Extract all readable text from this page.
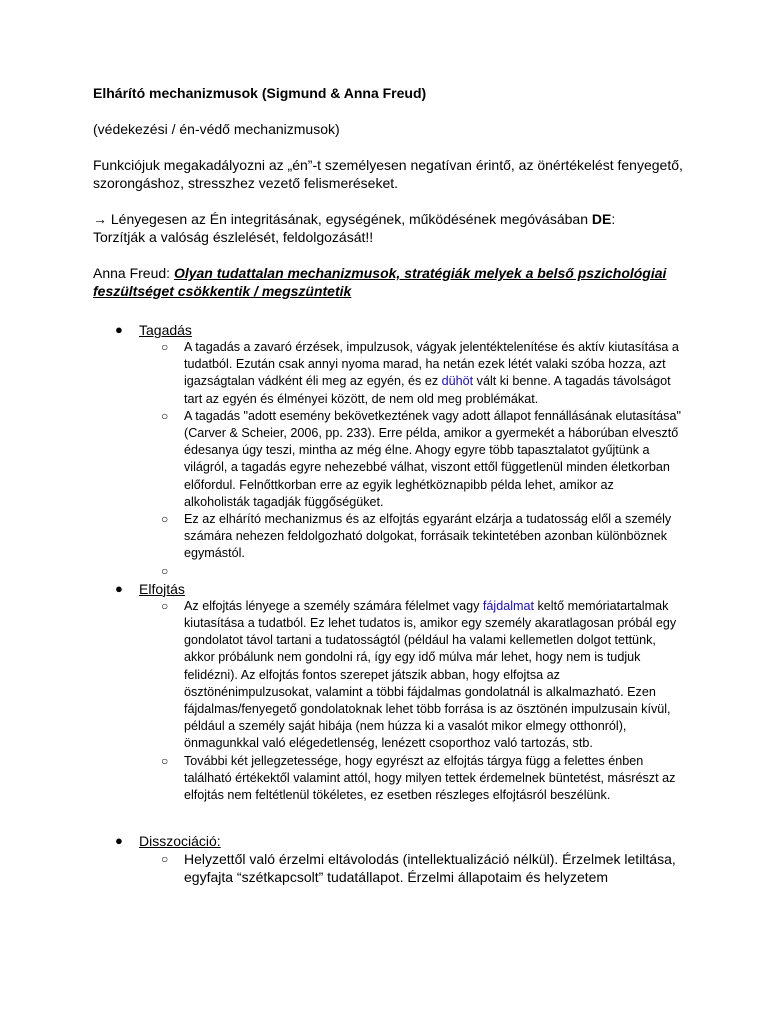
Elhárító mechanizmusok (Sigmund & Anna Freud)

(védekezési / én-védő mechanizmusok)

Funkciójuk megakadályozni az „én”-t személyesen negatívan érintő, az önértékelést fenyegető, szorongáshoz, stresszhez vezető felismeréseket.

→ Lényegesen az Én integritásának, egységének, működésének megóvásában DE:

Torzítják a valóság észlelését, feldolgozását!!

Anna Freud: Olyan tudattalan mechanizmusok, stratégiák melyek a belső pszichológiai feszültséget csökkentik / megszüntetik

● Tagadás
○ A tagadás a zavaró érzések, impulzusok, vágyak jelentéktelenítése és aktív kiutasítása a tudatból. Ezután csak annyi nyoma marad, ha netán ezek létét valaki szóba hozza, azt igazságtalan vádként éli meg az egyén, és ez dühöt vált ki benne. A tagadás távolságot tart az egyén és élményei között, de nem old meg problémákat.
○ A tagadás "adott esemény bekövetkeztének vagy adott állapot fennállásának elutasítása" (Carver & Scheier, 2006, pp. 233). Erre példa, amikor a gyermekét a háborúban elvesztő édesanya úgy teszi, mintha az még élne. Ahogy egyre több tapasztalatot gyűjtünk a világról, a tagadás egyre nehezebbé válhat, viszont ettől függetlenül minden életkorban előfordul. Felnőttkorban erre az egyik leghétköznapibb példa lehet, amikor az alkoholisták tagadják függőségüket.
○ Ez az elhárító mechanizmus és az elfojtás egyaránt elzárja a tudatosság elől a személy számára nehezen feldolgozható dolgokat, forrásaik tekintetében azonban különböznek egymástól.
○
● Elfojtás
○ Az elfojtás lényege a személy számára félelmet vagy fájdalmat keltő memóriatartalmak kiutasítása a tudatból. Ez lehet tudatos is, amikor egy személy akaratlagosan próbál egy gondolatot távol tartani a tudatosságtól (például ha valami kellemetlen dolgot tettünk, akkor próbálunk nem gondolni rá, így egy idő múlva már lehet, hogy nem is tudjuk felidézni). Az elfojtás fontos szerepet játszik abban, hogy elfojtsa az ösztönénimpulzusokat, valamint a többi fájdalmas gondolatnál is alkalmazható. Ezen fájdalmas/fenyegető gondolatoknak lehet több forrása is az ösztönén impulzusain kívül, például a személy saját hibája (nem húzza ki a vasalót mikor elmegy otthonról), önmagunkkal való elégedetlenség, lenézett csoporthoz való tartozás, stb.
○ További két jellegzetessége, hogy egyrészt az elfojtás tárgya függ a felettes énben található értékektől valamint attól, hogy milyen tettek érdemelnek büntetést, másrészt az elfojtás nem feltétlenül tökéletes, ez esetben részleges elfojtásról beszélünk.
● Disszociáció:
○ Helyzettől való érzelmi eltávolodás (intellektualizáció nélkül). Érzelmek letiltása, egyfajta “szétkapcsolt” tudatállapot. Érzelmi állapotaim és helyzetem
